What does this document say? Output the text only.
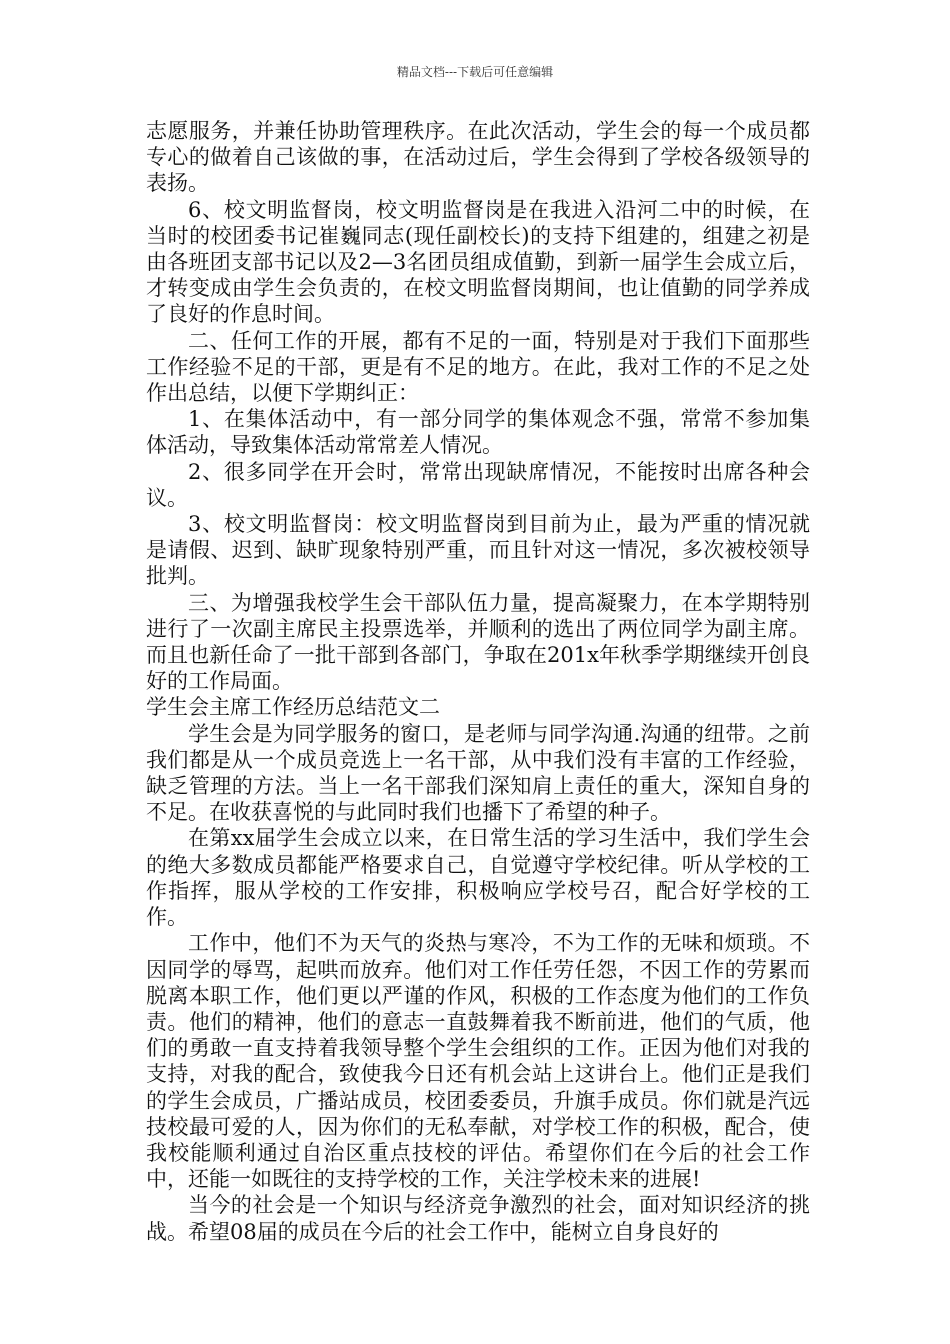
精品文档---下载后可任意编辑

志愿服务，并兼任协助管理秩序。在此次活动，学生会的每一个成员都专心的做着自己该做的事，在活动过后，学生会得到了学校各级领导的表扬。

6、校文明监督岗，校文明监督岗是在我进入沿河二中的时候，在当时的校团委书记崔巍同志(现任副校长)的支持下组建的，组建之初是由各班团支部书记以及2—3名团员组成值勤，到新一届学生会成立后，才转变成由学生会负责的，在校文明监督岗期间，也让值勤的同学养成了良好的作息时间。

二、任何工作的开展，都有不足的一面，特别是对于我们下面那些工作经验不足的干部，更是有不足的地方。在此，我对工作的不足之处作出总结，以便下学期纠正：

1、在集体活动中，有一部分同学的集体观念不强，常常不参加集体活动，导致集体活动常常差人情况。

2、很多同学在开会时，常常出现缺席情况，不能按时出席各种会议。

3、校文明监督岗：校文明监督岗到目前为止，最为严重的情况就是请假、迟到、缺旷现象特别严重，而且针对这一情况，多次被校领导批判。

三、为增强我校学生会干部队伍力量，提高凝聚力，在本学期特别进行了一次副主席民主投票选举，并顺利的选出了两位同学为副主席。而且也新任命了一批干部到各部门，争取在201x年秋季学期继续开创良好的工作局面。

学生会主席工作经历总结范文二

学生会是为同学服务的窗口，是老师与同学沟通.沟通的纽带。之前我们都是从一个成员竞选上一名干部，从中我们没有丰富的工作经验，缺乏管理的方法。当上一名干部我们深知肩上责任的重大，深知自身的不足。在收获喜悦的与此同时我们也播下了希望的种子。

在第xx届学生会成立以来，在日常生活的学习生活中，我们学生会的绝大多数成员都能严格要求自己，自觉遵守学校纪律。听从学校的工作指挥，服从学校的工作安排，积极响应学校号召，配合好学校的工作。

工作中，他们不为天气的炎热与寒冷，不为工作的无味和烦琐。不因同学的辱骂，起哄而放弃。他们对工作任劳任怨，不因工作的劳累而脱离本职工作，他们更以严谨的作风，积极的工作态度为他们的工作负责。他们的精神，他们的意志一直鼓舞着我不断前进，他们的气质，他们的勇敢一直支持着我领导整个学生会组织的工作。正因为他们对我的支持，对我的配合，致使我今日还有机会站上这讲台上。他们正是我们的学生会成员，广播站成员，校团委委员，升旗手成员。你们就是汽远技校最可爱的人，因为你们的无私奉献，对学校工作的积极，配合，使我校能顺利通过自治区重点技校的评估。希望你们在今后的社会工作中，还能一如既往的支持学校的工作，关注学校未来的进展!

当今的社会是一个知识与经济竞争激烈的社会，面对知识经济的挑战。希望08届的成员在今后的社会工作中，能树立自身良好的
